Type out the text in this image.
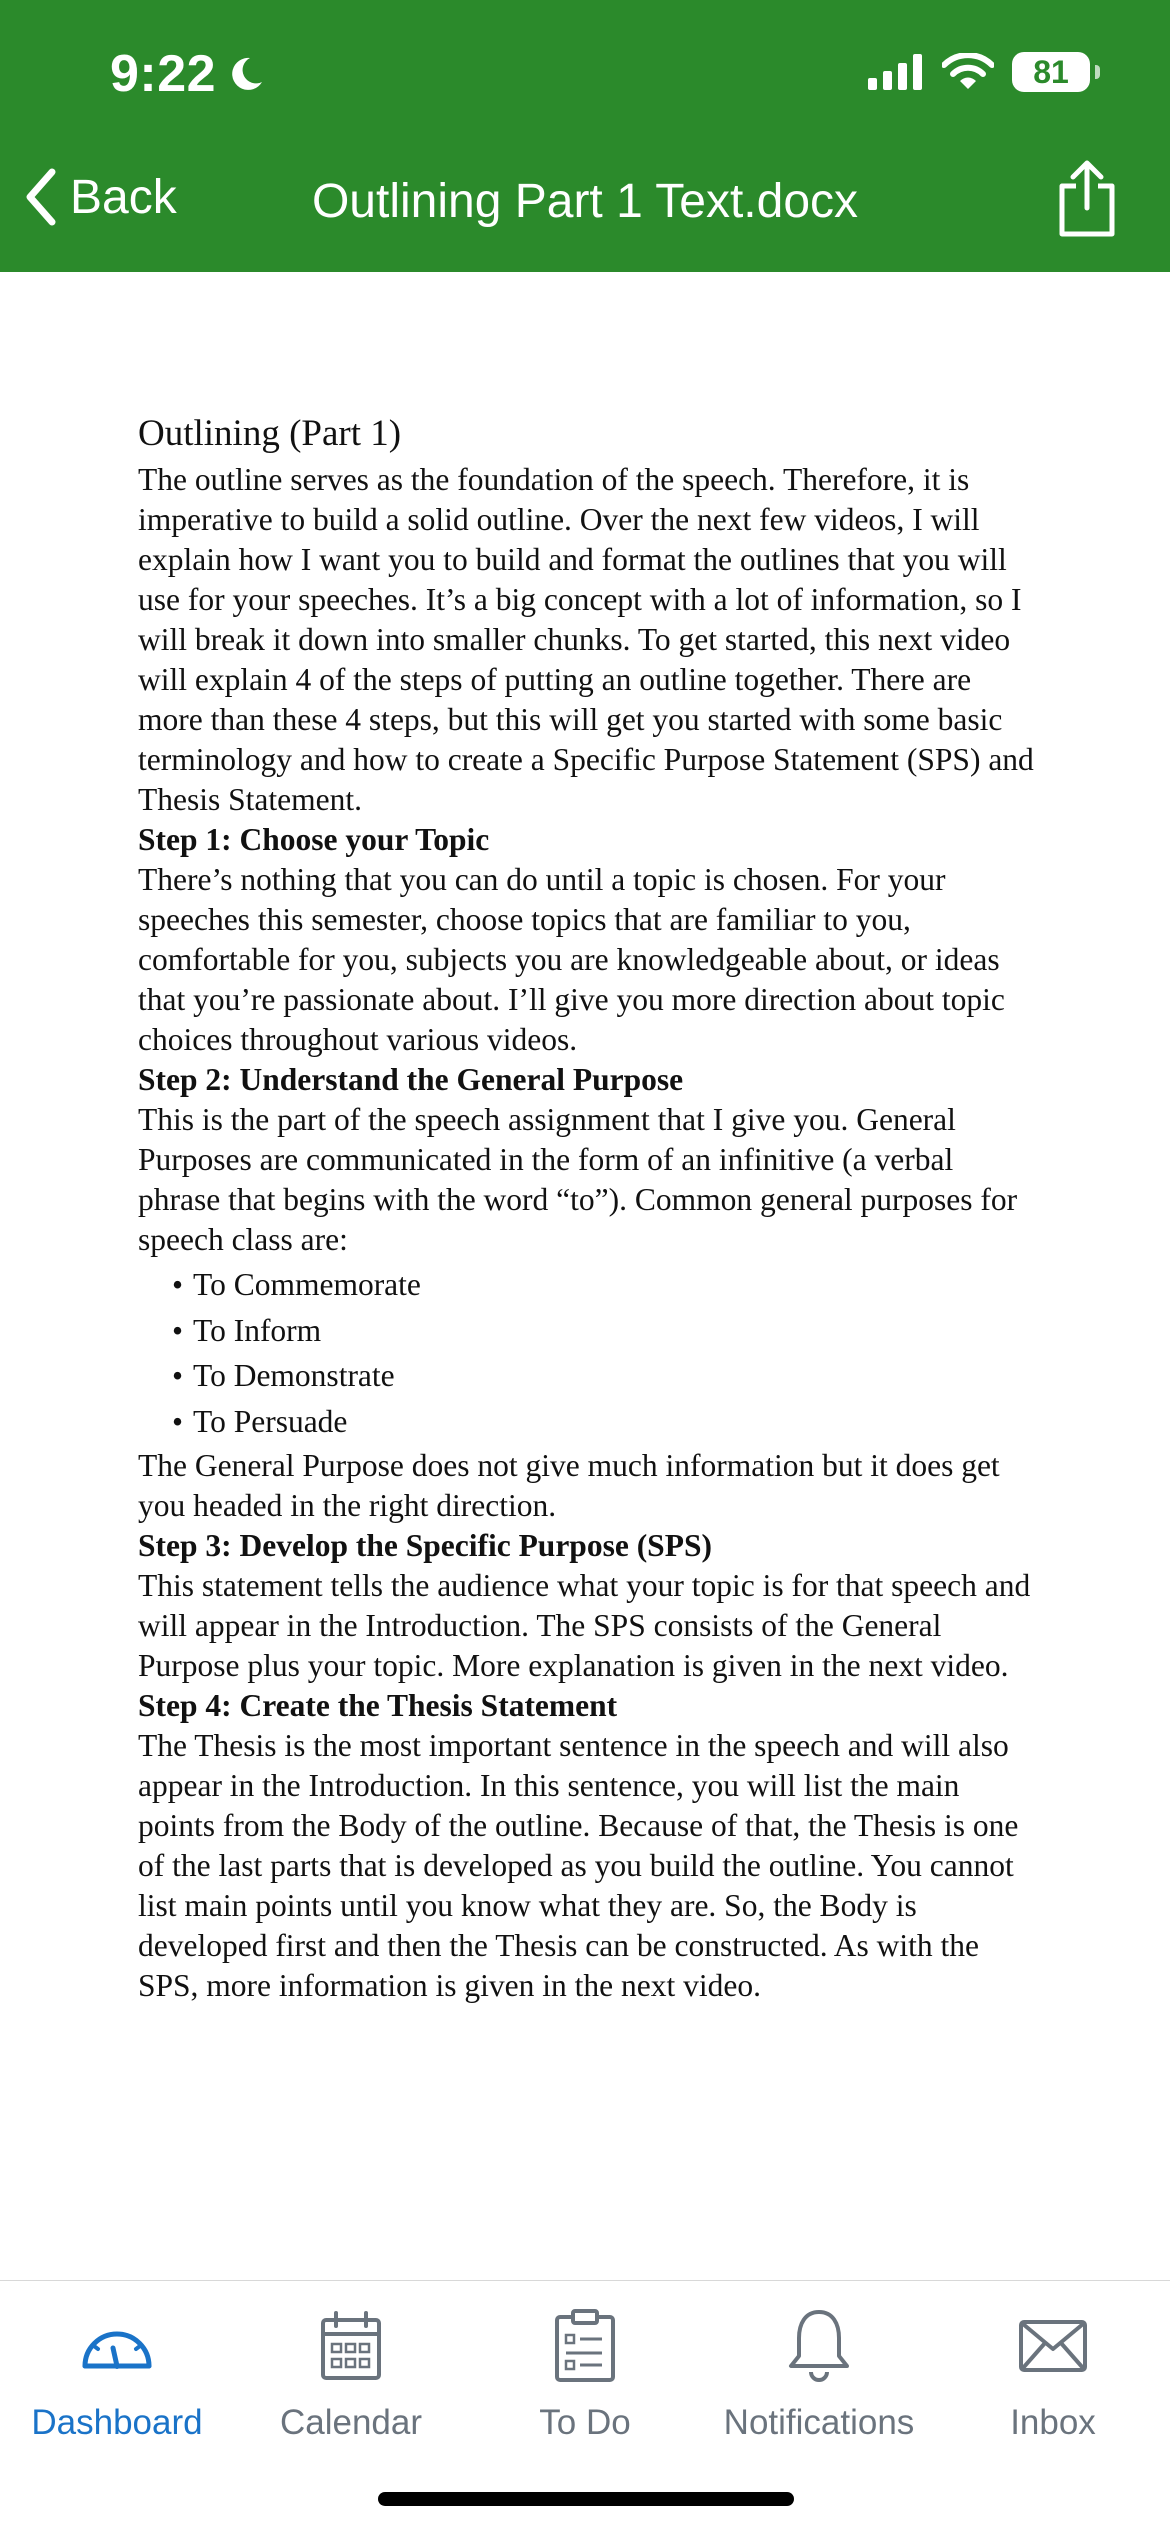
9:22	81
Back	Outlining Part 1 Text.docx
Outlining (Part 1)

The outline serves as the foundation of the speech. Therefore, it is imperative to build a solid outline. Over the next few videos, I will explain how I want you to build and format the outlines that you will use for your speeches. It’s a big concept with a lot of information, so I will break it down into smaller chunks. To get started, this next video will explain 4 of the steps of putting an outline together. There are more than these 4 steps, but this will get you started with some basic terminology and how to create a Specific Purpose Statement (SPS) and Thesis Statement.

Step 1: Choose your Topic

There’s nothing that you can do until a topic is chosen. For your speeches this semester, choose topics that are familiar to you, comfortable for you, subjects you are knowledgeable about, or ideas that you’re passionate about. I’ll give you more direction about topic choices throughout various videos.

Step 2: Understand the General Purpose

This is the part of the speech assignment that I give you. General Purposes are communicated in the form of an infinitive (a verbal phrase that begins with the word “to”). Common general purposes for speech class are:

• To Commemorate
• To Inform
• To Demonstrate
• To Persuade

The General Purpose does not give much information but it does get you headed in the right direction.

Step 3: Develop the Specific Purpose (SPS)

This statement tells the audience what your topic is for that speech and will appear in the Introduction. The SPS consists of the General Purpose plus your topic. More explanation is given in the next video.

Step 4: Create the Thesis Statement

The Thesis is the most important sentence in the speech and will also appear in the Introduction. In this sentence, you will list the main points from the Body of the outline. Because of that, the Thesis is one of the last parts that is developed as you build the outline. You cannot list main points until you know what they are. So, the Body is developed first and then the Thesis can be constructed. As with the SPS, more information is given in the next video.

Dashboard	Calendar	To Do	Notifications	Inbox
